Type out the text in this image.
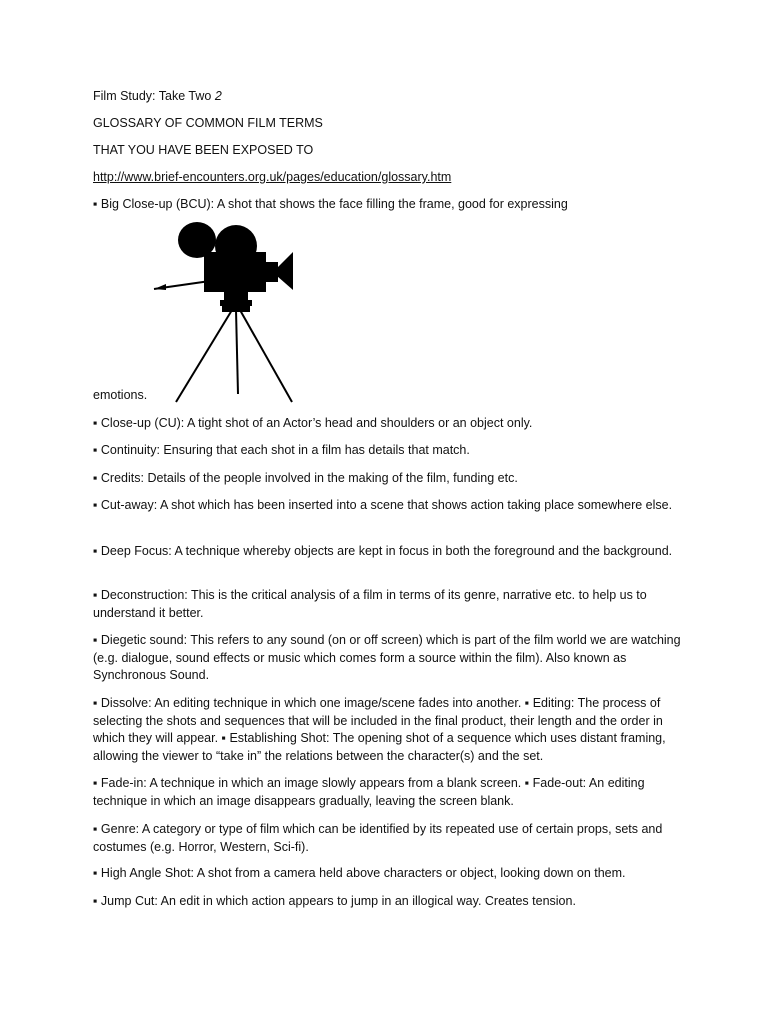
Film Study: Take Two 2
GLOSSARY OF COMMON FILM TERMS
THAT YOU HAVE BEEN EXPOSED TO
http://www.brief-encounters.org.uk/pages/education/glossary.htm
▪ Big Close-up (BCU): A shot that shows the face filling the frame, good for expressing
emotions.
▪ Close-up (CU): A tight shot of an Actor’s head and shoulders or an object only.
▪ Continuity: Ensuring that each shot in a film has details that match.
▪ Credits: Details of the people involved in the making of the film, funding etc.
▪ Cut-away: A shot which has been inserted into a scene that shows action taking place somewhere else.
▪ Deep Focus: A technique whereby objects are kept in focus in both the foreground and the background.
▪ Deconstruction: This is the critical analysis of a film in terms of its genre, narrative etc. to help us to understand it better.
▪ Diegetic sound: This refers to any sound (on or off screen) which is part of the film world we are watching (e.g. dialogue, sound effects or music which comes form a source within the film). Also known as Synchronous Sound.
▪ Dissolve: An editing technique in which one image/scene fades into another. ▪ Editing: The process of selecting the shots and sequences that will be included in the final product, their length and the order in which they will appear. ▪ Establishing Shot: The opening shot of a sequence which uses distant framing, allowing the viewer to “take in” the relations between the character(s) and the set.
▪ Fade-in: A technique in which an image slowly appears from a blank screen. ▪ Fade-out: An editing technique in which an image disappears gradually, leaving the screen blank.
▪ Genre: A category or type of film which can be identified by its repeated use of certain props, sets and costumes (e.g. Horror, Western, Sci-fi).
▪ High Angle Shot: A shot from a camera held above characters or object, looking down on them.
▪ Jump Cut: An edit in which action appears to jump in an illogical way. Creates tension.
